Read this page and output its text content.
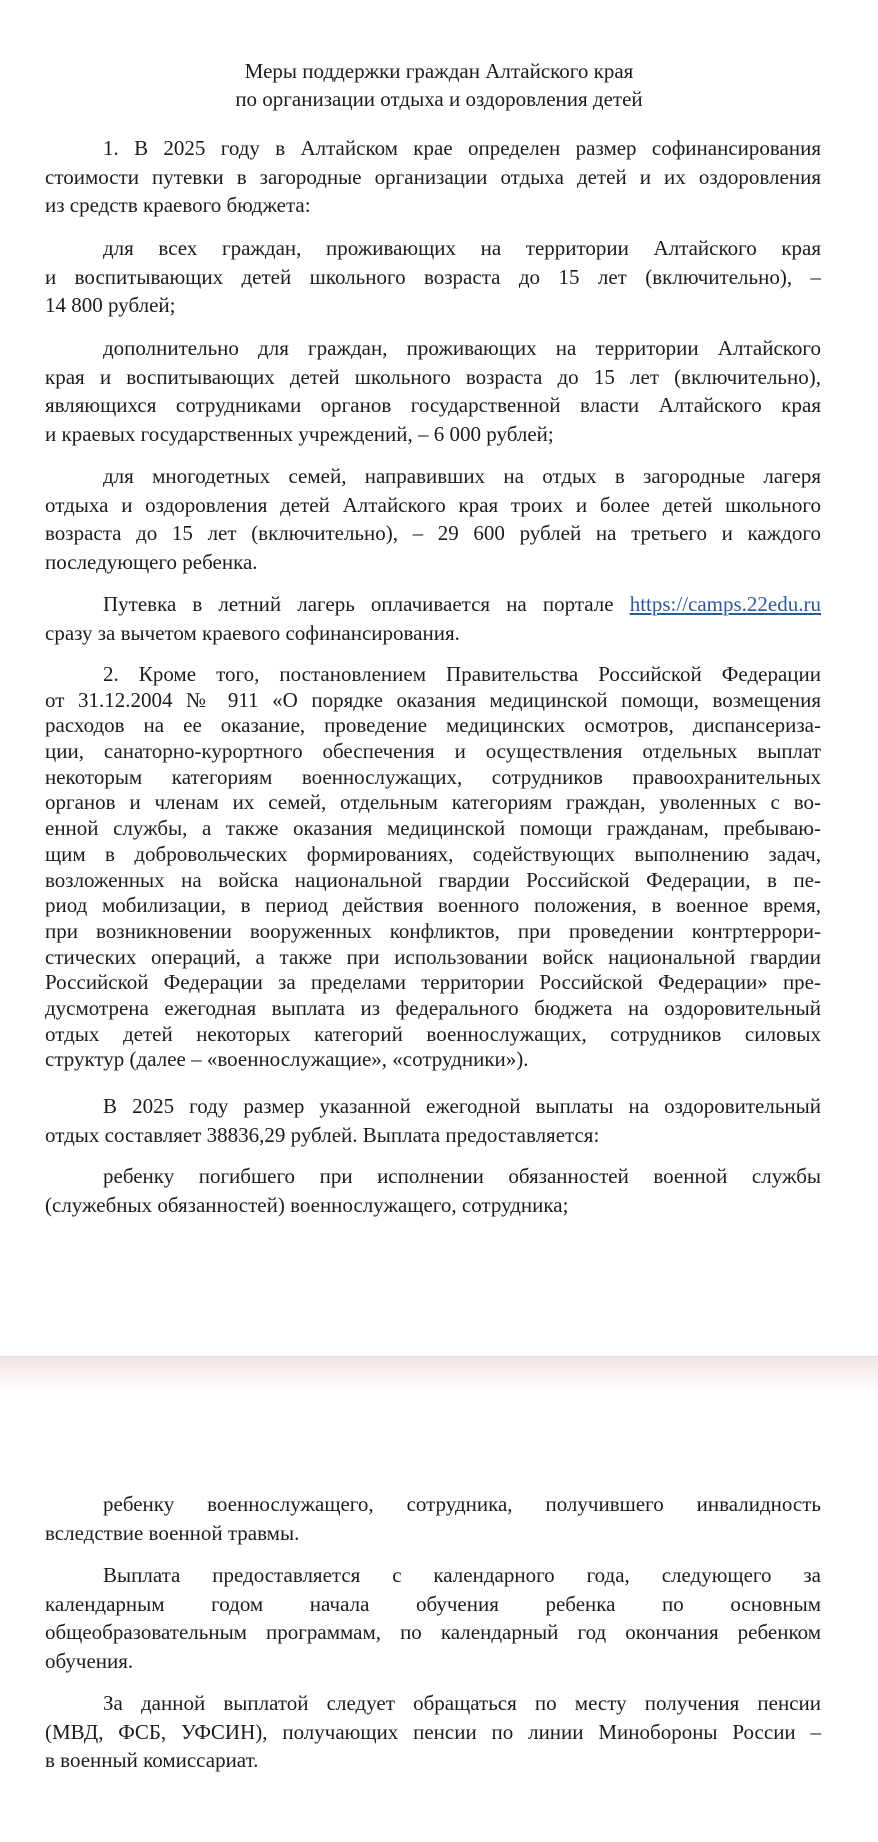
Меры поддержки граждан Алтайского края
по организации отдыха и оздоровления детей
1. В 2025 году в Алтайском крае определен размер софинансирования
стоимости путевки в загородные организации отдыха детей и их оздоровления
из средств краевого бюджета:
для всех граждан, проживающих на территории Алтайского края
и воспитывающих детей школьного возраста до 15 лет (включительно), –
14 800 рублей;
дополнительно для граждан, проживающих на территории Алтайского
края и воспитывающих детей школьного возраста до 15 лет (включительно),
являющихся сотрудниками органов государственной власти Алтайского края
и краевых государственных учреждений, – 6 000 рублей;
для многодетных семей, направивших на отдых в загородные лагеря
отдыха и оздоровления детей Алтайского края троих и более детей школьного
возраста до 15 лет (включительно), – 29 600 рублей на третьего и каждого
последующего ребенка.
Путевка в летний лагерь оплачивается на портале https://camps.22edu.ru
сразу за вычетом краевого софинансирования.
2. Кроме того, постановлением Правительства Российской Федерации
от 31.12.2004 № 911 «О порядке оказания медицинской помощи, возмещения
расходов на ее оказание, проведение медицинских осмотров, диспансеризa-
ции, санаторно-курортного обеспечения и осуществления отдельных выплат
некоторым категориям военнослужащих, сотрудников правоохранительных
органов и членам их семей, отдельным категориям граждан, уволенных с во-
енной службы, а также оказания медицинской помощи гражданам, пребываю-
щим в добровольческих формированиях, содействующих выполнению задач,
возложенных на войска национальной гвардии Российской Федерации, в пе-
риод мобилизации, в период действия военного положения, в военное время,
при возникновении вооруженных конфликтов, при проведении контртеррори-
стических операций, а также при использовании войск национальной гвардии
Российской Федерации за пределами территории Российской Федерации» пре-
дусмотрена ежегодная выплата из федерального бюджета на оздоровительный
отдых детей некоторых категорий военнослужащих, сотрудников силовых
структур (далее – «военнослужащие», «сотрудники»).
В 2025 году размер указанной ежегодной выплаты на оздоровительный
отдых составляет 38836,29 рублей. Выплата предоставляется:
ребенку погибшего при исполнении обязанностей военной службы
(служебных обязанностей) военнослужащего, сотрудника;
ребенку военнослужащего, сотрудника, получившего инвалидность
вследствие военной травмы.
Выплата предоставляется с календарного года, следующего за
календарным годом начала обучения ребенка по основным
общеобразовательным программам, по календарный год окончания ребенком
обучения.
За данной выплатой следует обращаться по месту получения пенсии
(МВД, ФСБ, УФСИН), получающих пенсии по линии Минобороны России –
в военный комиссариат.
